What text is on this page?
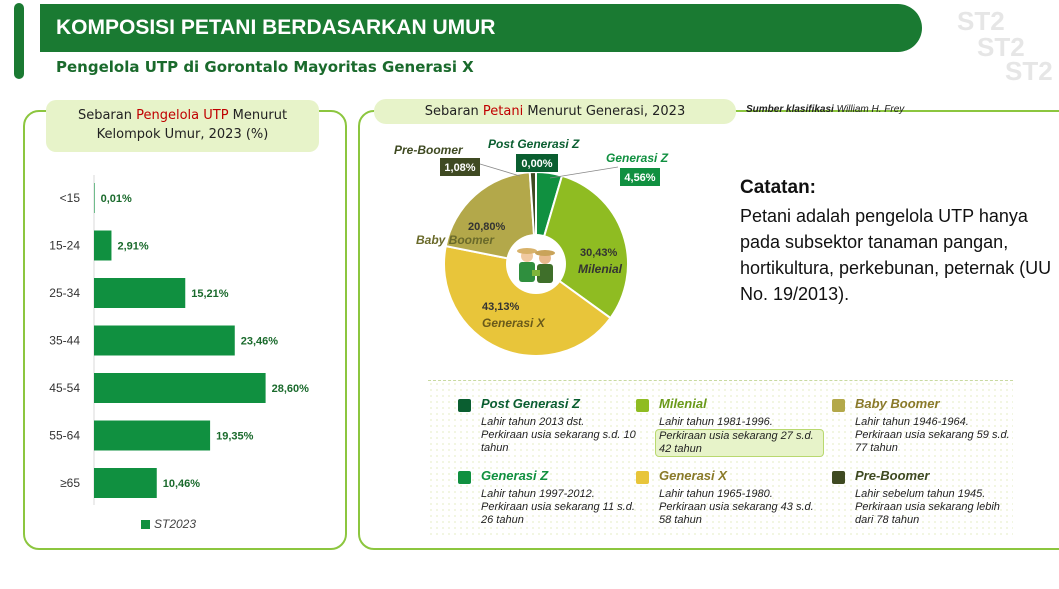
KOMPOSISI PETANI BERDASARKAN UMUR
Pengelola UTP di Gorontalo Mayoritas Generasi X
ST2
ST2
ST2
Sebaran Pengelola UTP Menurut Kelompok Umur, 2023 (%)
Sebaran Petani Menurut Generasi, 2023	Sumber klasifikasi William H. Frey
<15 0,01%
15-24	2,91%
25-34	15,21%
35-44	23,46%
45-54	28,60%
55-64	19,35%
≥65	10,46%
ST2023
30,43%
Milenial
43,13%
Generasi X
20,80%
Baby Boomer
Pre-Boomer
1,08%
Post Generasi Z
0,00%	Generasi Z
4,56%	Catatan:
Petani adalah pengelola UTP hanya pada subsektor tanaman pangan, hortikultura, perkebunan, peternak (UU No. 19/2013).
Post Generasi Z
Lahir tahun 2013 dst.
Perkiraan usia sekarang s.d. 10 tahun
Milenial
Lahir tahun 1981-1996.
Perkiraan usia sekarang 27 s.d. 42 tahun
Baby Boomer
Lahir tahun 1946-1964.
Perkiraan usia sekarang 59 s.d. 77 tahun
Generasi Z
Lahir tahun 1997-2012.
Perkiraan usia sekarang 11 s.d. 26 tahun
Generasi X
Lahir tahun 1965-1980.
Perkiraan usia sekarang 43 s.d. 58 tahun
Pre-Boomer
Lahir sebelum tahun 1945.
Perkiraan usia sekarang lebih dari 78 tahun
